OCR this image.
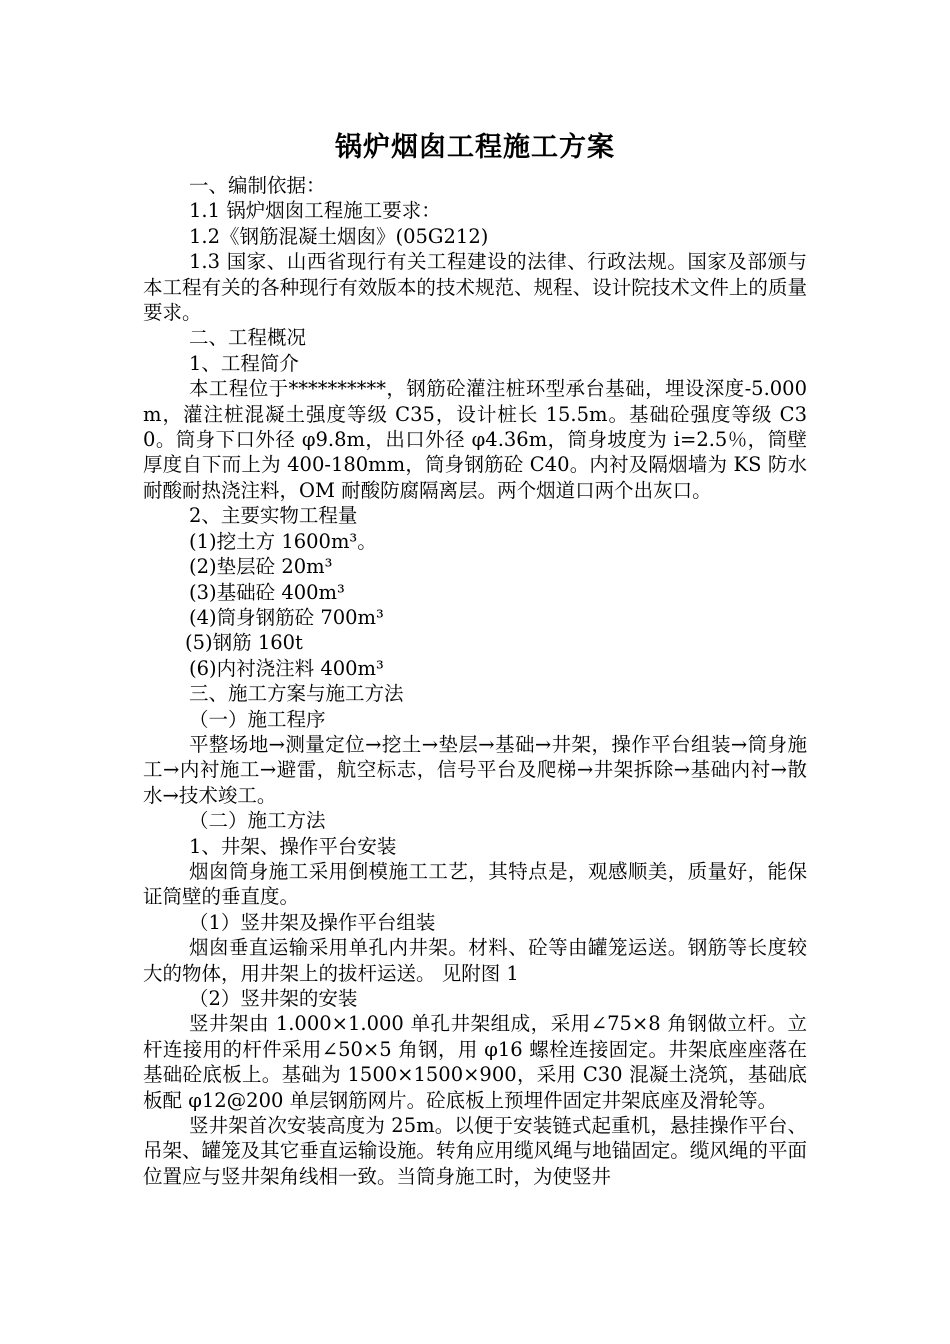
锅炉烟囱工程施工方案

一、编制依据：

1.1 锅炉烟囱工程施工要求：

1.2《钢筋混凝土烟囱》(05G212)

1.3 国家、山西省现行有关工程建设的法律、行政法规。国家及部颁与本工程有关的各种现行有效版本的技术规范、规程、设计院技术文件上的质量要求。

二、工程概况

1、工程简介

本工程位于**********，钢筋砼灌注桩环型承台基础，埋设深度-5.000m，灌注桩混凝土强度等级 C35，设计桩长 15.5m。基础砼强度等级 C30。筒身下口外径 φ9.8m，出口外径 φ4.36m，筒身坡度为 i=2.5％，筒壁厚度自下而上为 400-180mm，筒身钢筋砼 C40。内衬及隔烟墙为 KS 防水耐酸耐热浇注料，OM 耐酸防腐隔离层。两个烟道口两个出灰口。

2、主要实物工程量

(1)挖土方 1600m³。

(2)垫层砼 20m³

(3)基础砼 400m³

(4)筒身钢筋砼 700m³

(5)钢筋 160t

(6)内衬浇注料 400m³

三、施工方案与施工方法

（一）施工程序

平整场地→测量定位→挖土→垫层→基础→井架，操作平台组装→筒身施工→内衬施工→避雷，航空标志，信号平台及爬梯→井架拆除→基础内衬→散水→技术竣工。

（二）施工方法

1、井架、操作平台安装

烟囱筒身施工采用倒模施工工艺，其特点是，观感顺美，质量好，能保证筒壁的垂直度。

（1）竖井架及操作平台组装

烟囱垂直运输采用单孔内井架。材料、砼等由罐笼运送。钢筋等长度较大的物体，用井架上的拔杆运送。 见附图 1

（2）竖井架的安装

竖井架由 1.000×1.000 单孔井架组成，采用∠75×8 角钢做立杆。立杆连接用的杆件采用∠50×5 角钢，用 φ16 螺栓连接固定。井架底座座落在基础砼底板上。基础为 1500×1500×900，采用 C30 混凝土浇筑，基础底板配 φ12@200 单层钢筋网片。砼底板上预埋件固定井架底座及滑轮等。

竖井架首次安装高度为 25m。以便于安装链式起重机，悬挂操作平台、吊架、罐笼及其它垂直运输设施。转角应用缆风绳与地锚固定。缆风绳的平面位置应与竖井架角线相一致。当筒身施工时，为使竖井
